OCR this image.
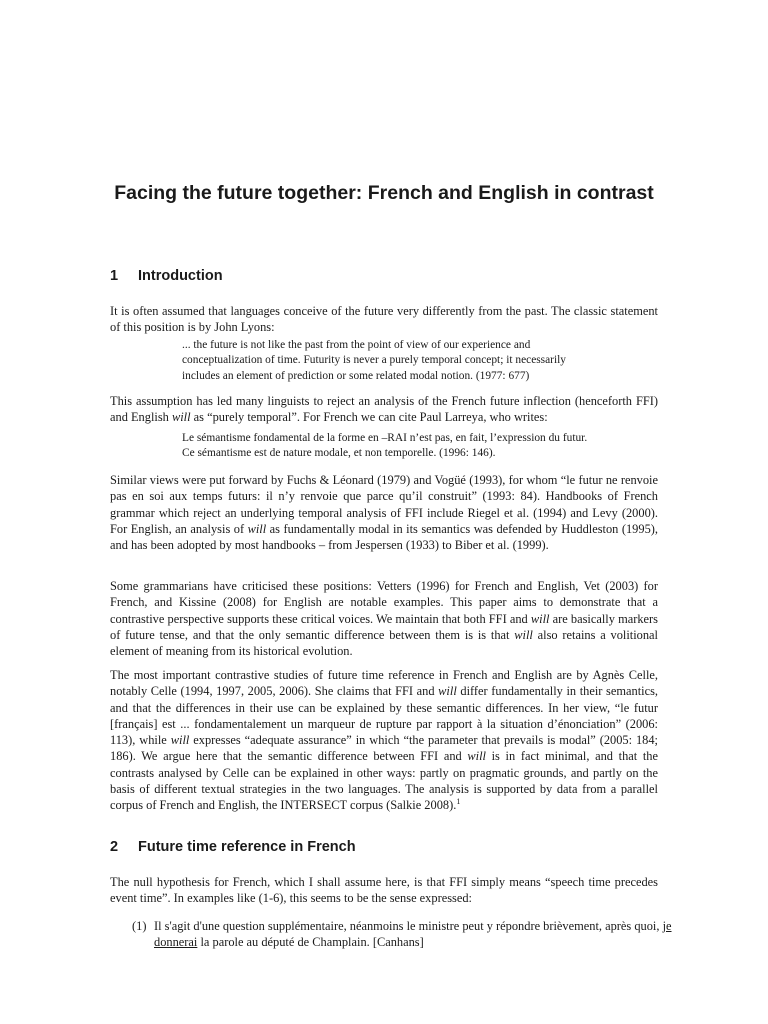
Facing the future together: French and English in contrast
1 Introduction

It is often assumed that languages conceive of the future very differently from the past. The classic statement of this position is by John Lyons:

... the future is not like the past from the point of view of our experience and conceptualization of time. Futurity is never a purely temporal concept; it necessarily includes an element of prediction or some related modal notion. (1977: 677)

This assumption has led many linguists to reject an analysis of the French future inflection (henceforth FFI) and English will as “purely temporal”. For French we can cite Paul Larreya, who writes:

Le sémantisme fondamental de la forme en –RAI n’est pas, en fait, l’expression du futur. Ce sémantisme est de nature modale, et non temporelle. (1996: 146).

Similar views were put forward by Fuchs & Léonard (1979) and Vogüé (1993), for whom “le futur ne renvoie pas en soi aux temps futurs: il n’y renvoie que parce qu’il construit” (1993: 84). Handbooks of French grammar which reject an underlying temporal analysis of FFI include Riegel et al. (1994) and Levy (2000). For English, an analysis of will as fundamentally modal in its semantics was defended by Huddleston (1995), and has been adopted by most handbooks – from Jespersen (1933) to Biber et al. (1999).

Some grammarians have criticised these positions: Vetters (1996) for French and English, Vet (2003) for French, and Kissine (2008) for English are notable examples. This paper aims to demonstrate that a contrastive perspective supports these critical voices. We maintain that both FFI and will are basically markers of future tense, and that the only semantic difference between them is is that will also retains a volitional element of meaning from its historical evolution.

The most important contrastive studies of future time reference in French and English are by Agnès Celle, notably Celle (1994, 1997, 2005, 2006). She claims that FFI and will differ fundamentally in their semantics, and that the differences in their use can be explained by these semantic differences. In her view, “le futur [français] est ... fondamentalement un marqueur de rupture par rapport à la situation d’énonciation” (2006: 113), while will expresses “adequate assurance” in which “the parameter that prevails is modal” (2005: 184; 186). We argue here that the semantic difference between FFI and will is in fact minimal, and that the contrasts analysed by Celle can be explained in other ways: partly on pragmatic grounds, and partly on the basis of different textual strategies in the two languages. The analysis is supported by data from a parallel corpus of French and English, the INTERSECT corpus (Salkie 2008).$^1$

2 Future time reference in French

The null hypothesis for French, which I shall assume here, is that FFI simply means “speech time precedes event time”. In examples like (1-6), this seems to be the sense expressed:

(1) Il s'agit d'une question supplémentaire, néanmoins le ministre peut y répondre brièvement, après quoi, je donnerai la parole au député de Champlain. [Canhans]
